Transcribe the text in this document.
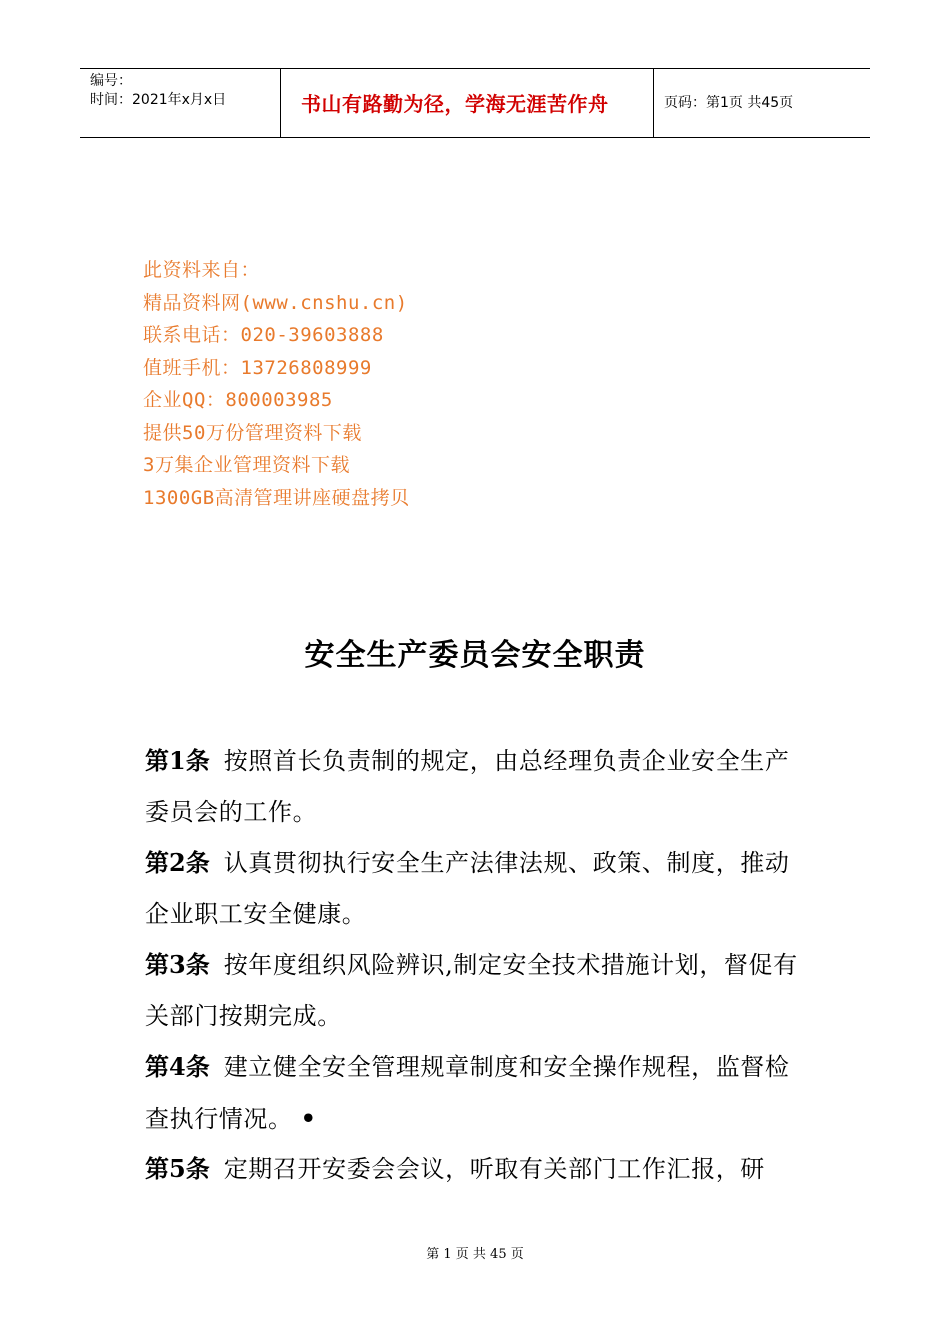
编号：
时间：2021年x月x日	书山有路勤为径，学海无涯苦作舟	页码：第1页 共45页
此资料来自：
精品资料网(www.cnshu.cn)
联系电话：020-39603888
值班手机：13726808999
企业QQ：800003985
提供50万份管理资料下载
3万集企业管理资料下载
1300GB高清管理讲座硬盘拷贝
安全生产委员会安全职责
第1条 按照首长负责制的规定，由总经理负责企业安全生产委员会的工作。
第2条 认真贯彻执行安全生产法律法规、政策、制度，推动企业职工安全健康。
第3条 按年度组织风险辨识,制定安全技术措施计划，督促有关部门按期完成。
第4条 建立健全安全管理规章制度和安全操作规程，监督检查执行情况。 •
第5条 定期召开安委会会议，听取有关部门工作汇报，研
第 1 页 共 45 页
